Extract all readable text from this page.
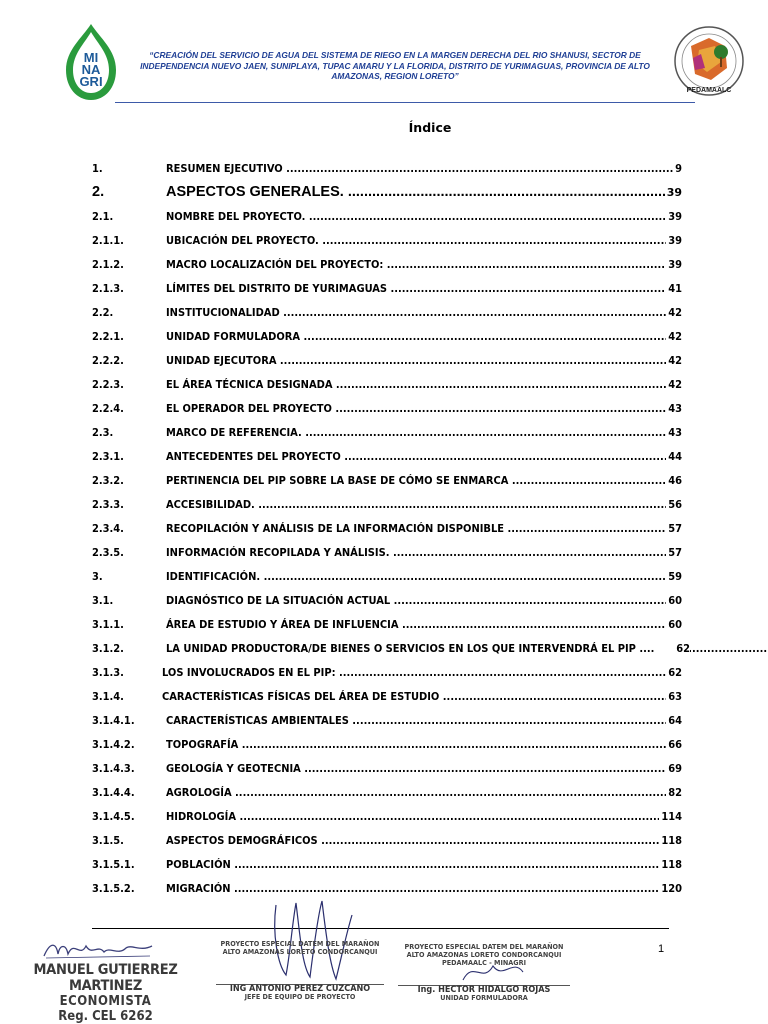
MI
NA
GRI
“CREACIÓN DEL SERVICIO DE AGUA DEL SISTEMA DE RIEGO EN LA MARGEN DERECHA DEL RIO SHANUSI, SECTOR DE INDEPENDENCIA NUEVO JAEN, SUNIPLAYA, TUPAC AMARU Y LA FLORIDA, DISTRITO DE YURIMAGUAS, PROVINCIA DE ALTO AMAZONAS, REGION LORETO”
PEDAMAALC
Índice
1.	RESUMEN EJECUTIVO .....	9
2.	ASPECTOS GENERALES. .....	39
2.1.	NOMBRE DEL PROYECTO. .....	39
2.1.1.	UBICACIÓN DEL PROYECTO. .....	39
2.1.2.	MACRO LOCALIZACIÓN DEL PROYECTO: .....	39
2.1.3.	LÍMITES DEL DISTRITO DE YURIMAGUAS .....	41
2.2.	INSTITUCIONALIDAD .....	42
2.2.1.	UNIDAD FORMULADORA .....	42
2.2.2.	UNIDAD EJECUTORA .....	42
2.2.3.	EL ÁREA TÉCNICA DESIGNADA .....	42
2.2.4.	EL OPERADOR DEL PROYECTO .....	43
2.3.	MARCO DE REFERENCIA. .....	43
2.3.1.	ANTECEDENTES DEL PROYECTO .....	44
2.3.2.	PERTINENCIA DEL PIP SOBRE LA BASE DE CÓMO SE ENMARCA .....	46
2.3.3.	ACCESIBILIDAD. .....	56
2.3.4.	RECOPILACIÓN Y ANÁLISIS DE LA INFORMACIÓN DISPONIBLE .....	57
2.3.5.	INFORMACIÓN RECOPILADA Y ANÁLISIS. .....	57
3.	IDENTIFICACIÓN. .....	59
3.1.	DIAGNÓSTICO DE LA SITUACIÓN ACTUAL .....	60
3.1.1.	ÁREA DE ESTUDIO Y ÁREA DE INFLUENCIA .....	60
3.1.2.	LA UNIDAD PRODUCTORA/DE BIENES O SERVICIOS EN LOS QUE INTERVENDRÁ EL PIP .....	62
3.1.3.	LOS INVOLUCRADOS EN EL PIP: .....	62
3.1.4.	CARACTERÍSTICAS FÍSICAS DEL ÁREA DE ESTUDIO .....	63
3.1.4.1.	CARACTERÍSTICAS AMBIENTALES .....	64
3.1.4.2.	TOPOGRAFÍA .....	66
3.1.4.3.	GEOLOGÍA Y GEOTECNIA .....	69
3.1.4.4.	AGROLOGÍA .....	82
3.1.4.5.	HIDROLOGÍA .....	114
3.1.5.	ASPECTOS DEMOGRÁFICOS .....	118
3.1.5.1.	POBLACIÓN .....	118
3.1.5.2.	MIGRACIÓN .....	120
1
MANUEL GUTIERREZ MARTINEZ
ECONOMISTA
Reg. CEL 6262
PROYECTO ESPECIAL DATEM DEL MARAÑON ALTO AMAZONAS LORETO CONDORCANQUI
ING ANTONIO PEREZ CUZCANO
JEFE DE EQUIPO DE PROYECTO
PROYECTO ESPECIAL DATEM DEL MARAÑON ALTO AMAZONAS LORETO CONDORCANQUI PEDAMAALC - MINAGRI
Ing. HECTOR HIDALGO ROJAS
UNIDAD FORMULADORA
